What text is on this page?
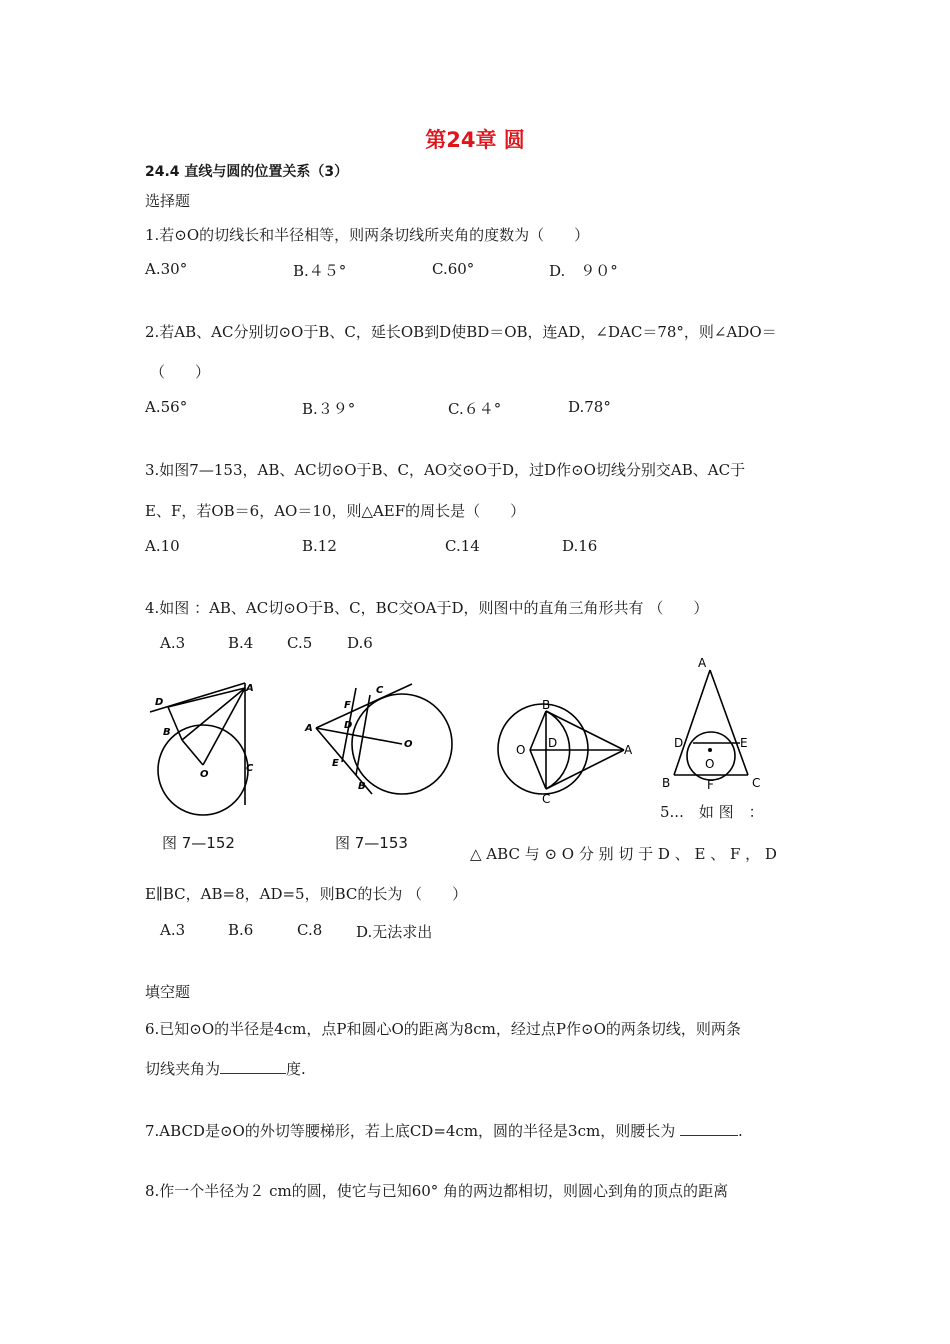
第24章 圆
24.4 直线与圆的位置关系（3）
选择题
1.若⊙O的切线长和半径相等，则两条切线所夹角的度数为（　　）
A.30°	B.４５°	C.60°	D.　９０°
2.若AB、AC分别切⊙O于B、C，延长OB到D使BD＝OB，连AD，∠DAC＝78°，则∠ADO＝
（　　）
A.56°	B.３９°	C.６４°	D.78°
3.如图7—153，AB、AC切⊙O于B、C，AO交⊙O于D，过D作⊙O切线分别交AB、AC于
E、F，若OB＝6，AO＝10，则△AEF的周长是（　　）
A.10	B.12	C.14	D.16
4.如图 ：AB、AC切⊙O于B、C，BC交OA于D，则图中的直角三角形共有 （　　）
A.3	B.4 C.5 D.6
D
B
O
A
C
A
F
C
D
O
E
B
B
D
O	A
C
A
D	E
O
B	F	C
图 7—152	图 7—153
5...　如 图　：
△ ABC 与 ⊙ O 分 别 切 于 D 、 E 、 F ， D
E∥BC，AB=8，AD=5，则BC的长为 （　　）
A.3	B.6	C.8 D.无法求出
填空题
6.已知⊙O的半径是4cm，点P和圆心O的距离为8cm，经过点P作⊙O的两条切线，则两条
切线夹角为	度.
7.ABCD是⊙O的外切等腰梯形，若上底CD=4cm，圆的半径是3cm，则腰长为	.
8.作一个半径为２ cm的圆，使它与已知60° 角的两边都相切，则圆心到角的顶点的距离
